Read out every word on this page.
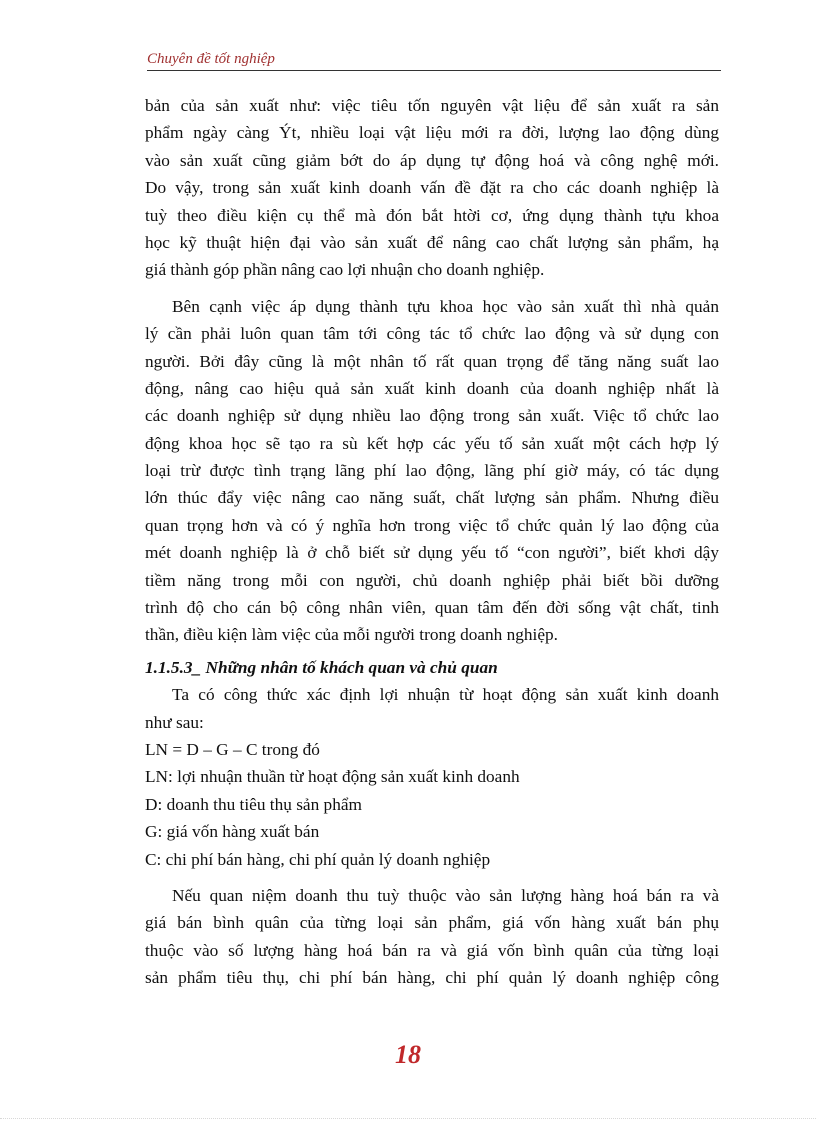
Chuyên đề tốt nghiệp
bản của sản xuất như: việc tiêu tốn nguyên vật liệu để sản xuất ra sản
phẩm ngày càng Ýt, nhiều loại vật liệu mới ra đời, lượng lao động dùng
vào sản xuất cũng giảm bớt do áp dụng tự động hoá và công nghệ mới.
Do vậy, trong sản xuất kinh doanh vấn đề đặt ra cho các doanh nghiệp là
tuỳ theo điều kiện cụ thể mà đón bắt htời cơ, ứng dụng thành tựu khoa
học kỹ thuật hiện đại vào sản xuất để nâng cao chất lượng sản phẩm, hạ
giá thành góp phần nâng cao lợi nhuận cho doanh nghiệp.
Bên cạnh việc áp dụng thành tựu khoa học vào sản xuất thì nhà quản
lý cần phải luôn quan tâm tới công tác tổ chức lao động và sử dụng con
người. Bởi đây cũng là một nhân tố rất quan trọng để tăng năng suất lao
động, nâng cao hiệu quả sản xuất kinh doanh của doanh nghiệp nhất là
các doanh nghiệp sử dụng nhiều lao động trong sản xuất. Việc tổ chức lao
động khoa học sẽ tạo ra sù kết hợp các yếu tố sản xuất một cách hợp lý
loại trừ được tình trạng lãng phí lao động, lãng phí giờ máy, có tác dụng
lớn thúc đẩy việc nâng cao năng suất, chất lượng sản phẩm. Nhưng điều
quan trọng hơn và có ý nghĩa hơn trong việc tổ chức quản lý lao động của
mét doanh nghiệp là ở chỗ biết sử dụng yếu tố “con người”, biết khơi dậy
tiềm năng trong mỗi con người, chủ doanh nghiệp phải biết bồi dưỡng
trình độ cho cán bộ công nhân viên, quan tâm đến đời sống vật chất, tinh
thần, điều kiện làm việc của mỗi người trong doanh nghiệp.
1.1.5.3_ Những nhân tố khách quan và chủ quan
Ta có công thức xác định lợi nhuận từ hoạt động sản xuất kinh doanh
như sau:
LN = D – G – C trong đó
LN: lợi nhuận thuần từ hoạt động sản xuất kinh doanh
D: doanh thu tiêu thụ sản phẩm
G: giá vốn hàng xuất bán
C: chi phí bán hàng, chi phí quản lý doanh nghiệp
Nếu quan niệm doanh thu tuỳ thuộc vào sản lượng hàng hoá bán ra và
giá bán bình quân của từng loại sản phẩm, giá vốn hàng xuất bán phụ
thuộc vào số lượng hàng hoá bán ra và giá vốn bình quân của từng loại
sản phẩm tiêu thụ, chi phí bán hàng, chi phí quản lý doanh nghiệp công
18
